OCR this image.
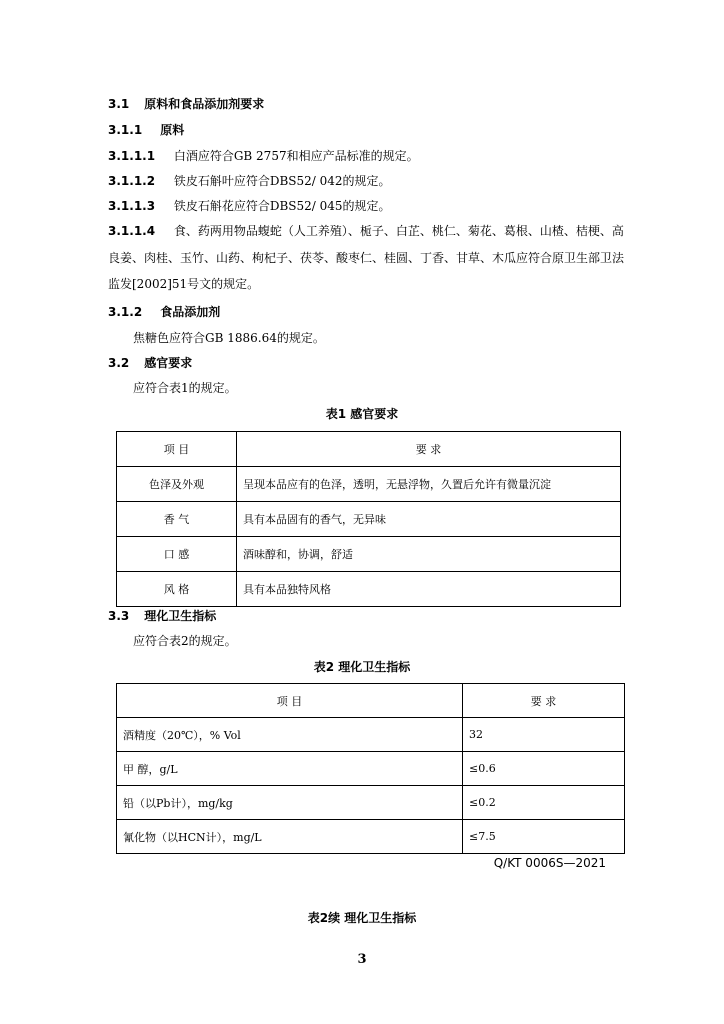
3.1 原料和食品添加剂要求
3.1.1 原料
3.1.1.1 白酒应符合GB 2757和相应产品标准的规定。
3.1.1.2 铁皮石斛叶应符合DBS52/ 042的规定。
3.1.1.3 铁皮石斛花应符合DBS52/ 045的规定。
3.1.1.4 食、药两用物品蝮蛇（人工养殖）、栀子、白芷、桃仁、菊花、葛根、山楂、桔梗、高
良姜、肉桂、玉竹、山药、枸杞子、茯苓、酸枣仁、桂圆、丁香、甘草、木瓜应符合原卫生部卫法
监发[2002]51号文的规定。
3.1.2 食品添加剂
焦糖色应符合GB 1886.64的规定。
3.2 感官要求
应符合表1的规定。
表1 感官要求
项 目	要 求
色泽及外观	呈现本品应有的色泽，透明，无悬浮物，久置后允许有微量沉淀
香 气	具有本品固有的香气，无异味
口 感	酒味醇和，协调，舒适
风 格	具有本品独特风格
3.3 理化卫生指标
应符合表2的规定。
表2 理化卫生指标
项 目	要 求
酒精度（20℃），% Vol	32
甲 醇，g/L	≤0.6
铅（以Pb计），mg/kg	≤0.2
氰化物（以HCN计），mg/L	≤7.5
Q/KT 0006S—2021
表2续 理化卫生指标
3
